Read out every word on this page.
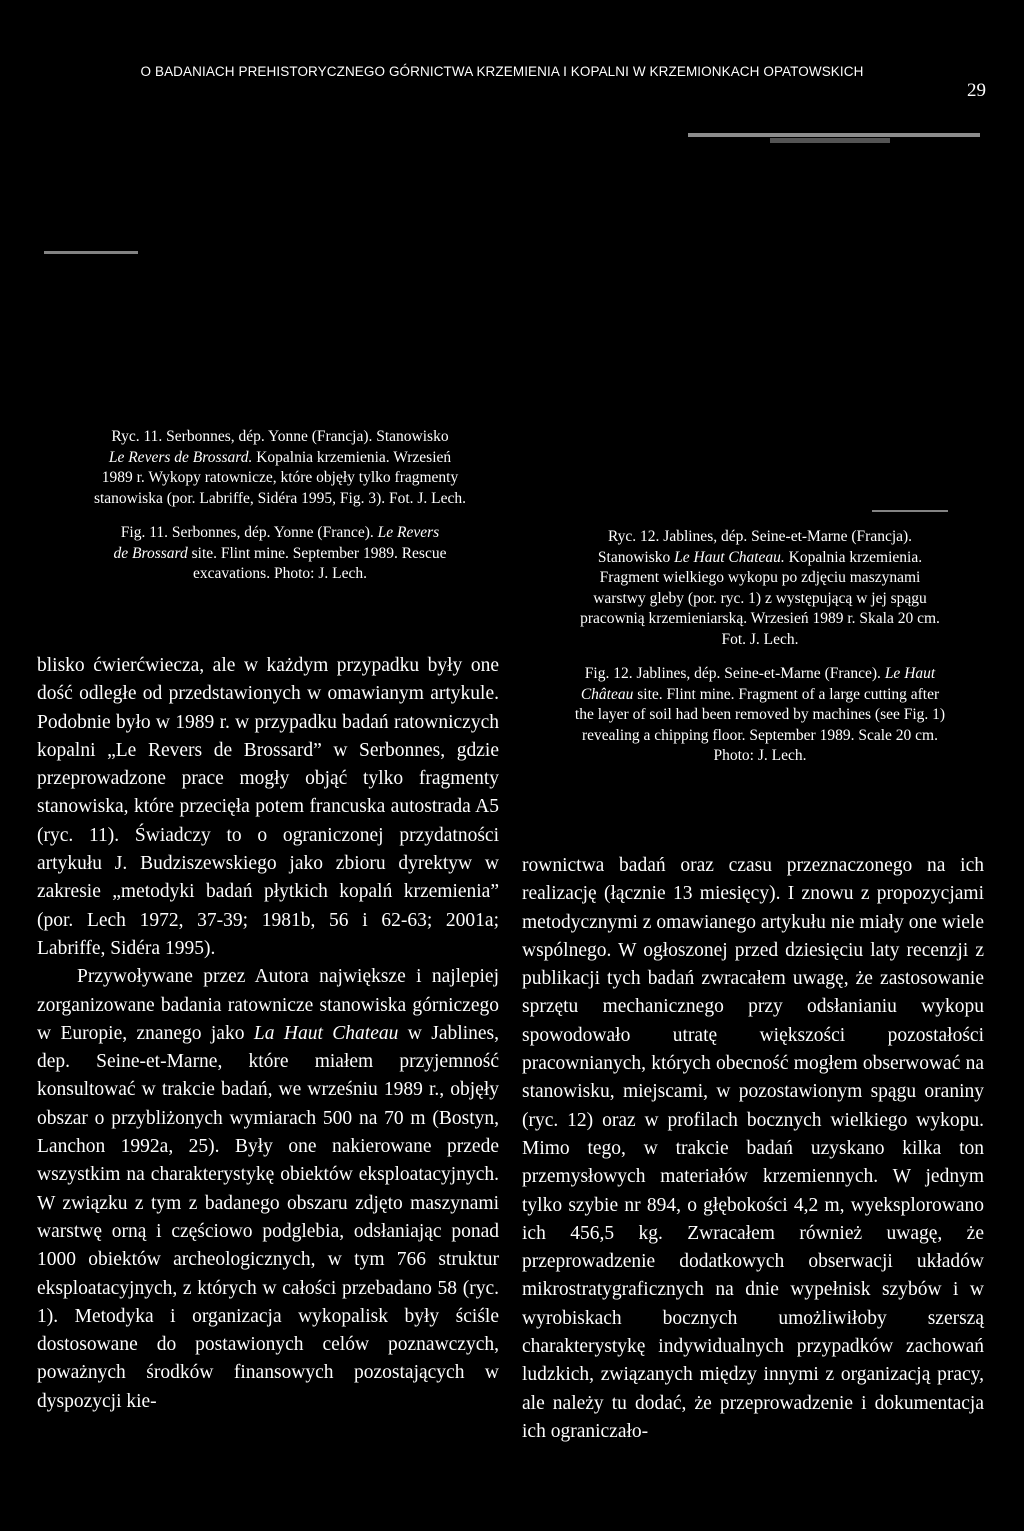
O BADANIACH PREHISTORYCZNEGO GÓRNICTWA KRZEMIENIA I KOPALNI W KRZEMIONKACH OPATOWSKICH
29

Ryc. 11. Serbonnes, dép. Yonne (Francja). Stanowisko
Le Revers de Brossard. Kopalnia krzemienia. Wrzesień
1989 r. Wykopy ratownicze, które objęły tylko fragmenty
stanowiska (por. Labriffe, Sidéra 1995, Fig. 3). Fot. J. Lech.

Fig. 11. Serbonnes, dép. Yonne (France). Le Revers
de Brossard site. Flint mine. September 1989. Rescue
excavations. Photo: J. Lech.

Ryc. 12. Jablines, dép. Seine-et-Marne (Francja).
Stanowisko Le Haut Chateau. Kopalnia krzemienia.
Fragment wielkiego wykopu po zdjęciu maszynami
warstwy gleby (por. ryc. 1) z występującą w jej spągu
pracownią krzemieniarską. Wrzesień 1989 r. Skala 20 cm.
Fot. J. Lech.

Fig. 12. Jablines, dép. Seine-et-Marne (France). Le Haut
Château site. Flint mine. Fragment of a large cutting after
the layer of soil had been removed by machines (see Fig. 1)
revealing a chipping floor. September 1989. Scale 20 cm.
Photo: J. Lech.

blisko ćwierćwiecza, ale w każdym przypadku były one dość odległe od przedstawionych w omawianym artykule. Podobnie było w 1989 r. w przypadku badań ratowniczych kopalni „Le Revers de Brossard” w Serbonnes, gdzie przeprowadzone prace mogły objąć tylko fragmenty stanowiska, które przecięła potem francuska autostrada A5 (ryc. 11). Świadczy to o ograniczonej przydatności artykułu J. Budziszewskiego jako zbioru dyrektyw w zakresie „metodyki badań płytkich kopalń krzemienia” (por. Lech 1972, 37-39; 1981b, 56 i 62-63; 2001a; Labriffe, Sidéra 1995).

Przywoływane przez Autora największe i najlepiej zorganizowane badania ratownicze stanowiska górniczego w Europie, znanego jako La Haut Chateau w Jablines, dep. Seine-et-Marne, które miałem przyjemność konsultować w trakcie badań, we wrześniu 1989 r., objęły obszar o przybliżonych wymiarach 500 na 70 m (Bostyn, Lanchon 1992a, 25). Były one nakierowane przede wszystkim na charakterystykę obiektów eksploatacyjnych. W związku z tym z badanego obszaru zdjęto maszynami warstwę orną i częściowo podglebia, odsłaniając ponad 1000 obiektów archeologicznych, w tym 766 struktur eksploatacyjnych, z których w całości przebadano 58 (ryc. 1). Metodyka i organizacja wykopalisk były ściśle dostosowane do postawionych celów poznawczych, poważnych środków finansowych pozostających w dyspozycji kie-

rownictwa badań oraz czasu przeznaczonego na ich realizację (łącznie 13 miesięcy). I znowu z propozycjami metodycznymi z omawianego artykułu nie miały one wiele wspólnego. W ogłoszonej przed dziesięciu laty recenzji z publikacji tych badań zwracałem uwagę, że zastosowanie sprzętu mechanicznego przy odsłanianiu wykopu spowodowało utratę większości pozostałości pracownianych, których obecność mogłem obserwować na stanowisku, miejscami, w pozostawionym spągu oraniny (ryc. 12) oraz w profilach bocznych wielkiego wykopu. Mimo tego, w trakcie badań uzyskano kilka ton przemysłowych materiałów krzemiennych. W jednym tylko szybie nr 894, o głębokości 4,2 m, wyeksplorowano ich 456,5 kg. Zwracałem również uwagę, że przeprowadzenie dodatkowych obserwacji układów mikrostratygraficznych na dnie wypełnisk szybów i w wyrobiskach bocznych umożliwiłoby szerszą charakterystykę indywidualnych przypadków zachowań ludzkich, związanych między innymi z organizacją pracy, ale należy tu dodać, że przeprowadzenie i dokumentacja ich ograniczało-
